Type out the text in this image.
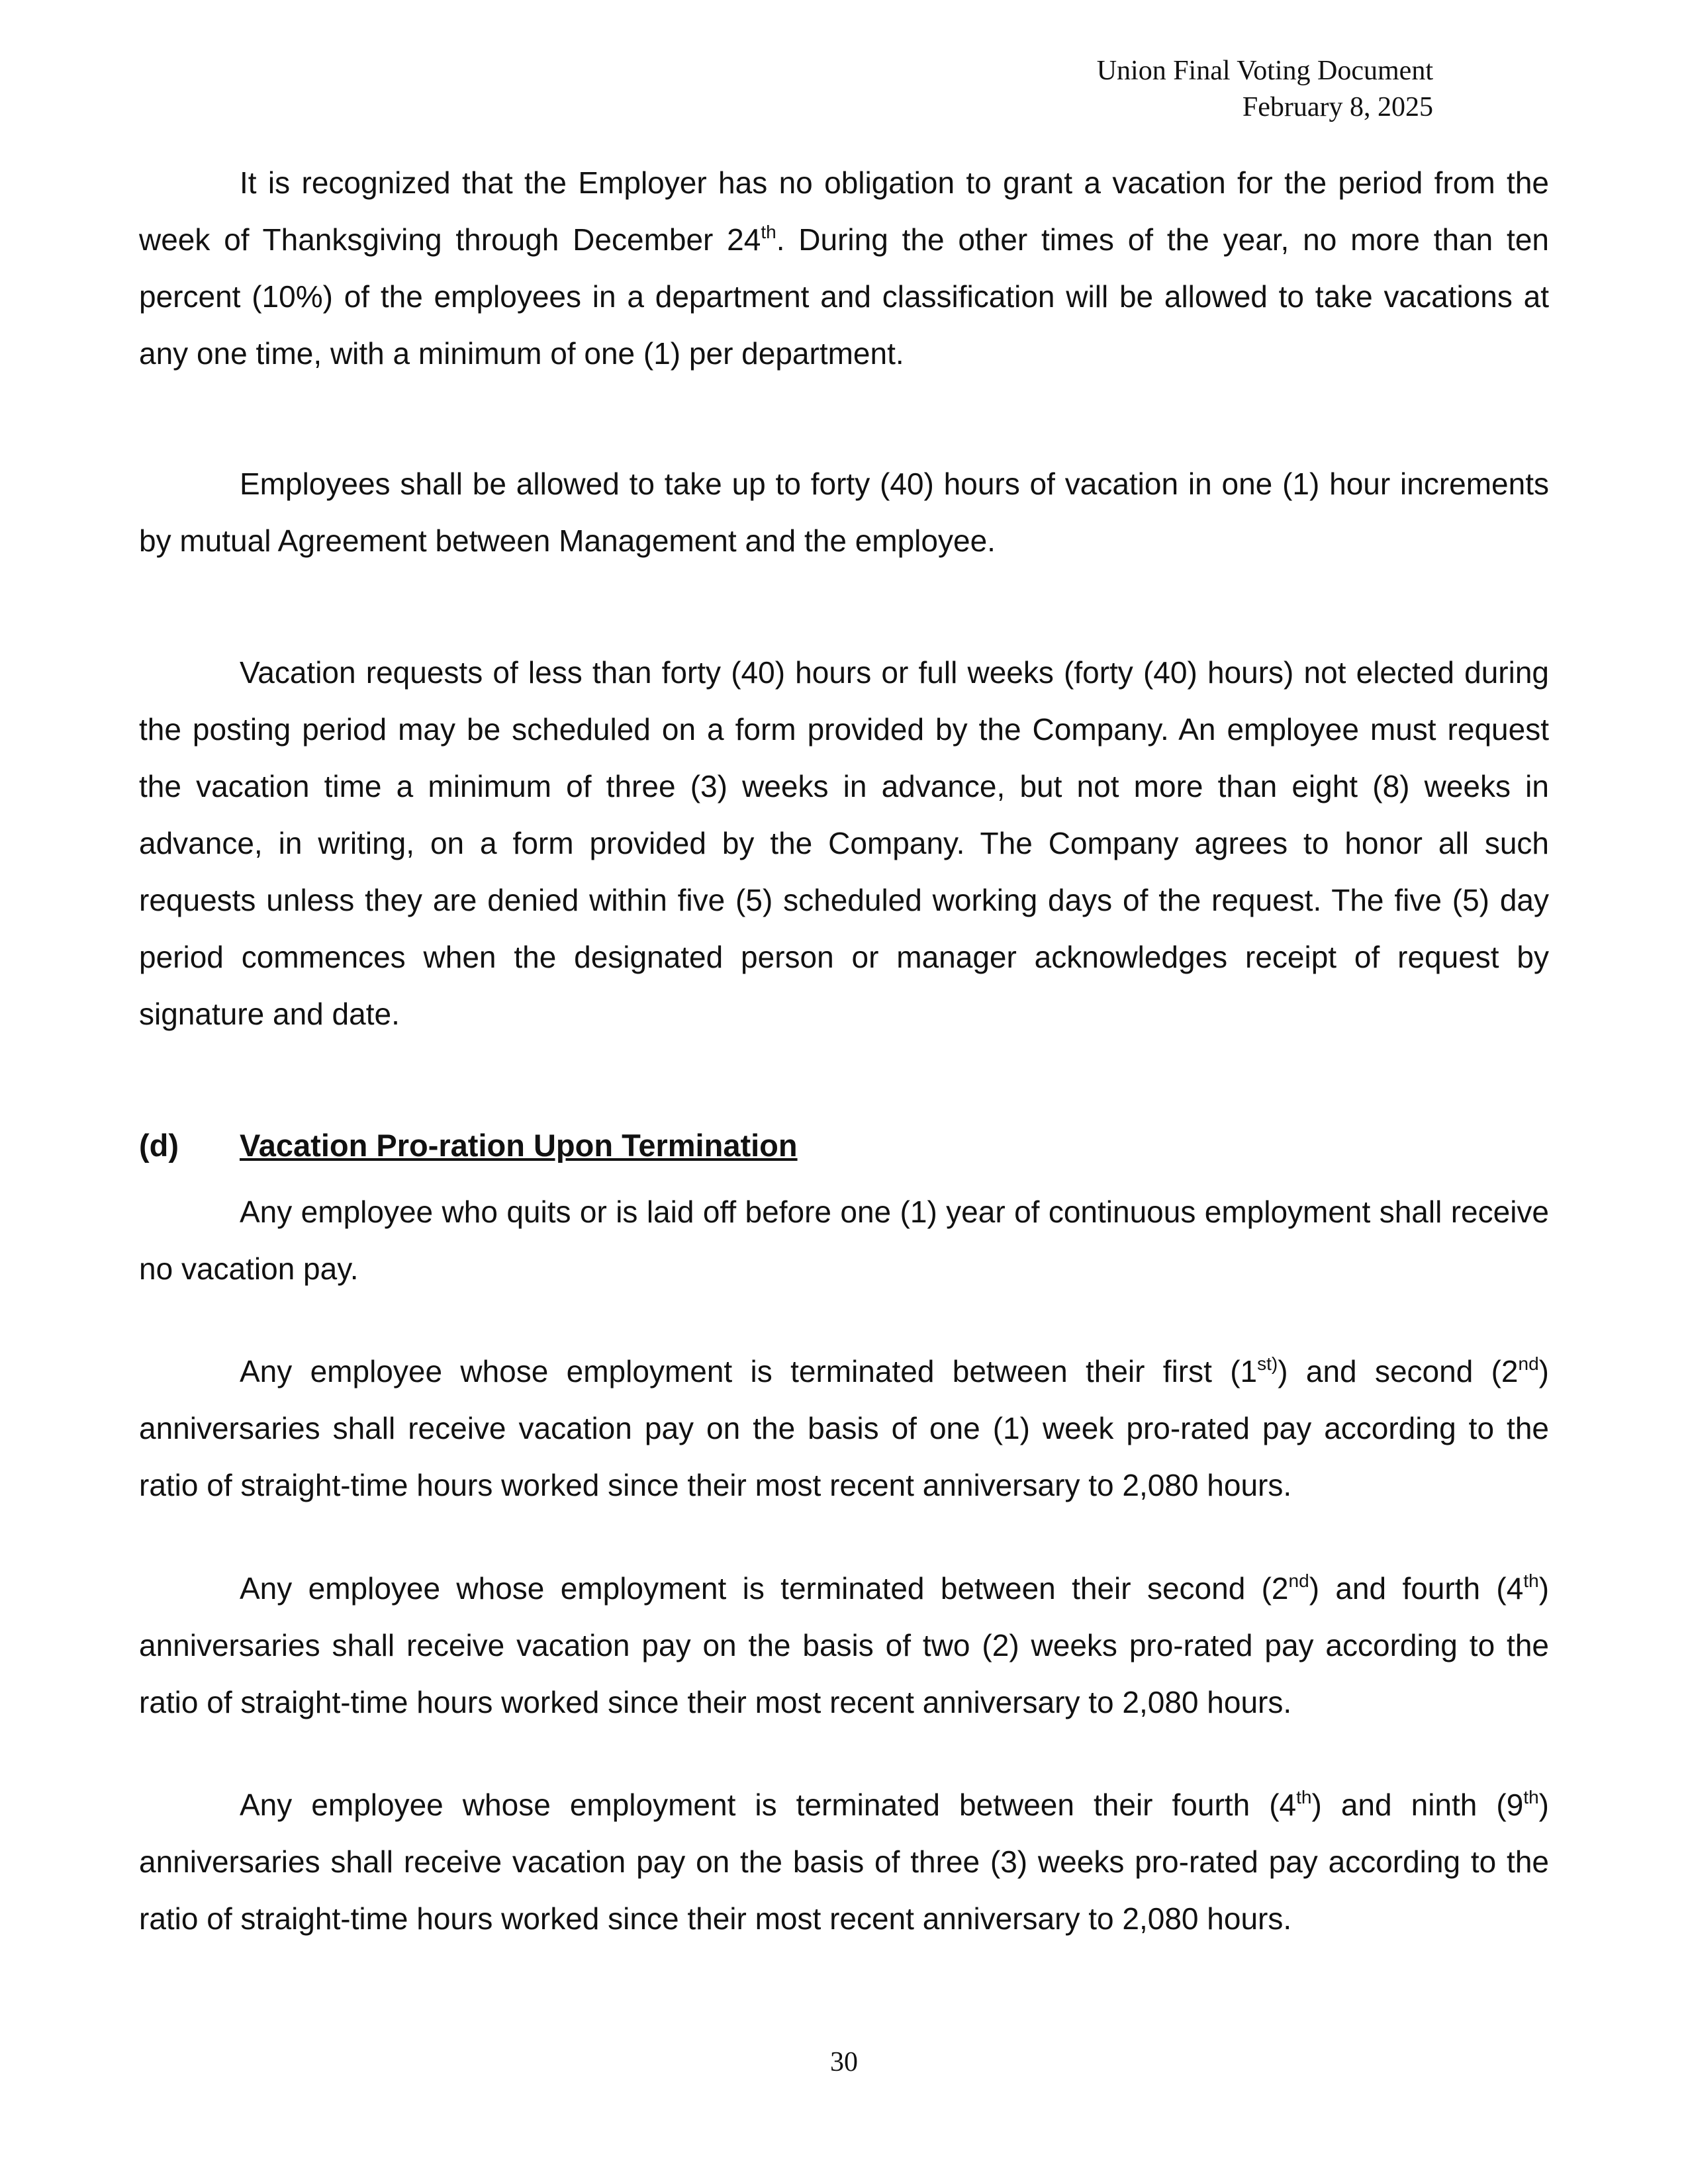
Union Final Voting Document
February 8, 2025

It is recognized that the Employer has no obligation to grant a vacation for the period from the week of Thanksgiving through December 24th. During the other times of the year, no more than ten percent (10%) of the employees in a department and classification will be allowed to take vacations at any one time, with a minimum of one (1) per department.

Employees shall be allowed to take up to forty (40) hours of vacation in one (1) hour increments by mutual Agreement between Management and the employee.

Vacation requests of less than forty (40) hours or full weeks (forty (40) hours) not elected during the posting period may be scheduled on a form provided by the Company. An employee must request the vacation time a minimum of three (3) weeks in advance, but not more than eight (8) weeks in advance, in writing, on a form provided by the Company. The Company agrees to honor all such requests unless they are denied within five (5) scheduled working days of the request. The five (5) day period commences when the designated person or manager acknowledges receipt of request by signature and date.

(d) Vacation Pro-ration Upon Termination

Any employee who quits or is laid off before one (1) year of continuous employment shall receive no vacation pay.

Any employee whose employment is terminated between their first $(1^{st)})$ and second (2nd) anniversaries shall receive vacation pay on the basis of one (1) week pro-rated pay according to the ratio of straight-time hours worked since their most recent anniversary to 2,080 hours.

Any employee whose employment is terminated between their second (2nd) and fourth (4th) anniversaries shall receive vacation pay on the basis of two (2) weeks pro-rated pay according to the ratio of straight-time hours worked since their most recent anniversary to 2,080 hours.

Any employee whose employment is terminated between their fourth (4th) and ninth (9th) anniversaries shall receive vacation pay on the basis of three (3) weeks pro-rated pay according to the ratio of straight-time hours worked since their most recent anniversary to 2,080 hours.

30
